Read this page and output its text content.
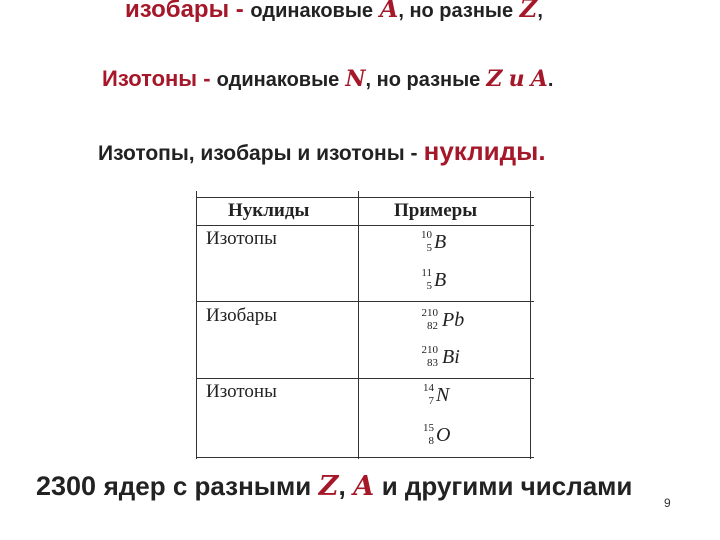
изобары - одинаковые A, но разные Z,
Изотоны - одинаковые N, но разные Z и A.
Изотопы, изобары и изотоны - нуклиды.
Нуклиды	Примеры
Изотопы
Изобары
Изотоны
10
5 B
11
5 B
210
82 Pb
210
83 Bi
14
7 N
15
8 O
2300 ядер с разными Z, A и другими числами
9
